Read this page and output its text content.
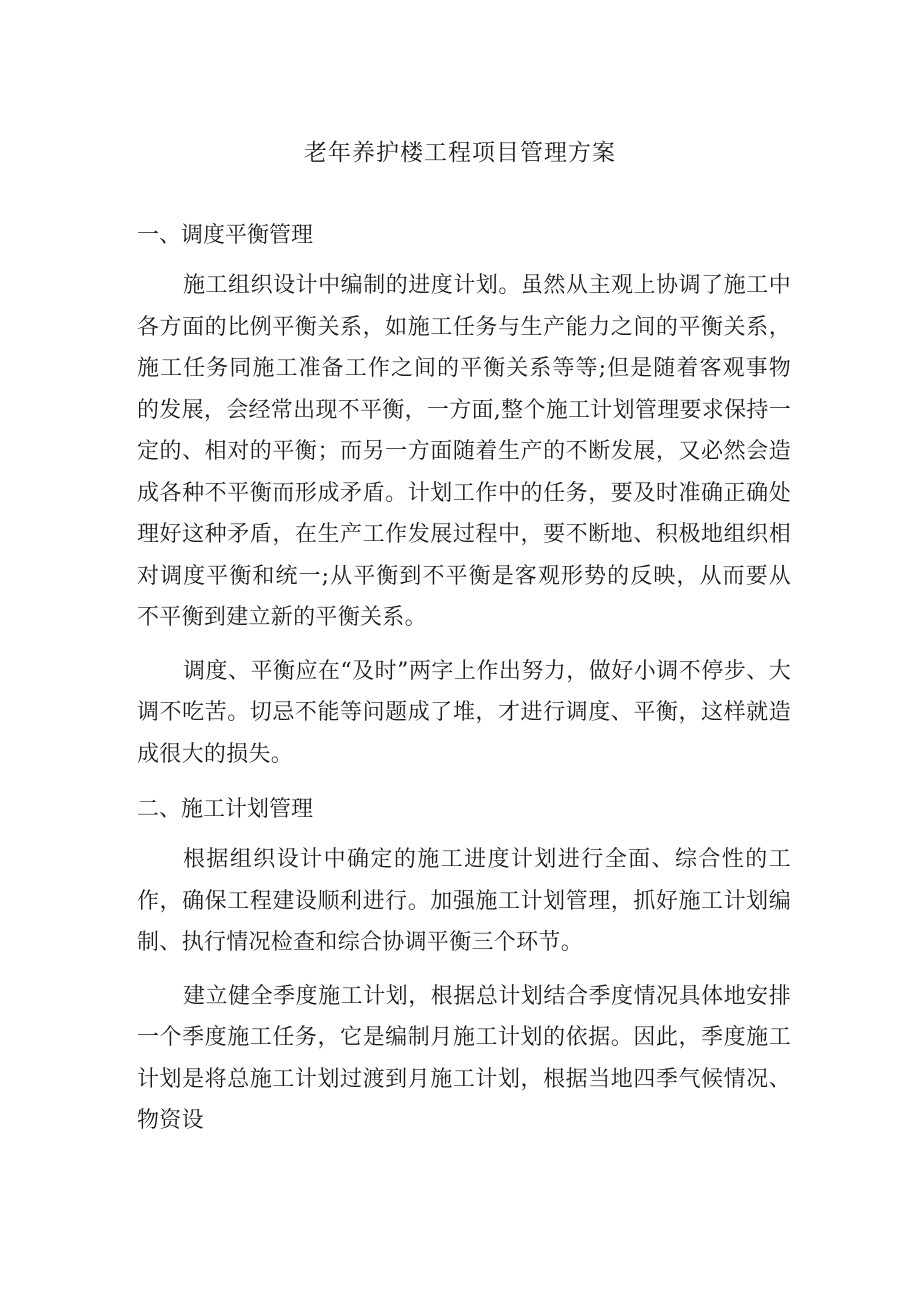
老年养护楼工程项目管理方案

一、调度平衡管理

施工组织设计中编制的进度计划。虽然从主观上协调了施工中各方面的比例平衡关系，如施工任务与生产能力之间的平衡关系，施工任务同施工准备工作之间的平衡关系等等;但是随着客观事物的发展，会经常出现不平衡，一方面,整个施工计划管理要求保持一定的、相对的平衡；而另一方面随着生产的不断发展，又必然会造成各种不平衡而形成矛盾。计划工作中的任务，要及时准确正确处理好这种矛盾，在生产工作发展过程中，要不断地、积极地组织相对调度平衡和统一;从平衡到不平衡是客观形势的反映，从而要从不平衡到建立新的平衡关系。

调度、平衡应在“及时”两字上作出努力，做好小调不停步、大调不吃苦。切忌不能等问题成了堆，才进行调度、平衡，这样就造成很大的损失。

二、施工计划管理

根据组织设计中确定的施工进度计划进行全面、综合性的工作，确保工程建设顺利进行。加强施工计划管理，抓好施工计划编制、执行情况检查和综合协调平衡三个环节。

建立健全季度施工计划，根据总计划结合季度情况具体地安排一个季度施工任务，它是编制月施工计划的依据。因此，季度施工计划是将总施工计划过渡到月施工计划，根据当地四季气候情况、物资设
